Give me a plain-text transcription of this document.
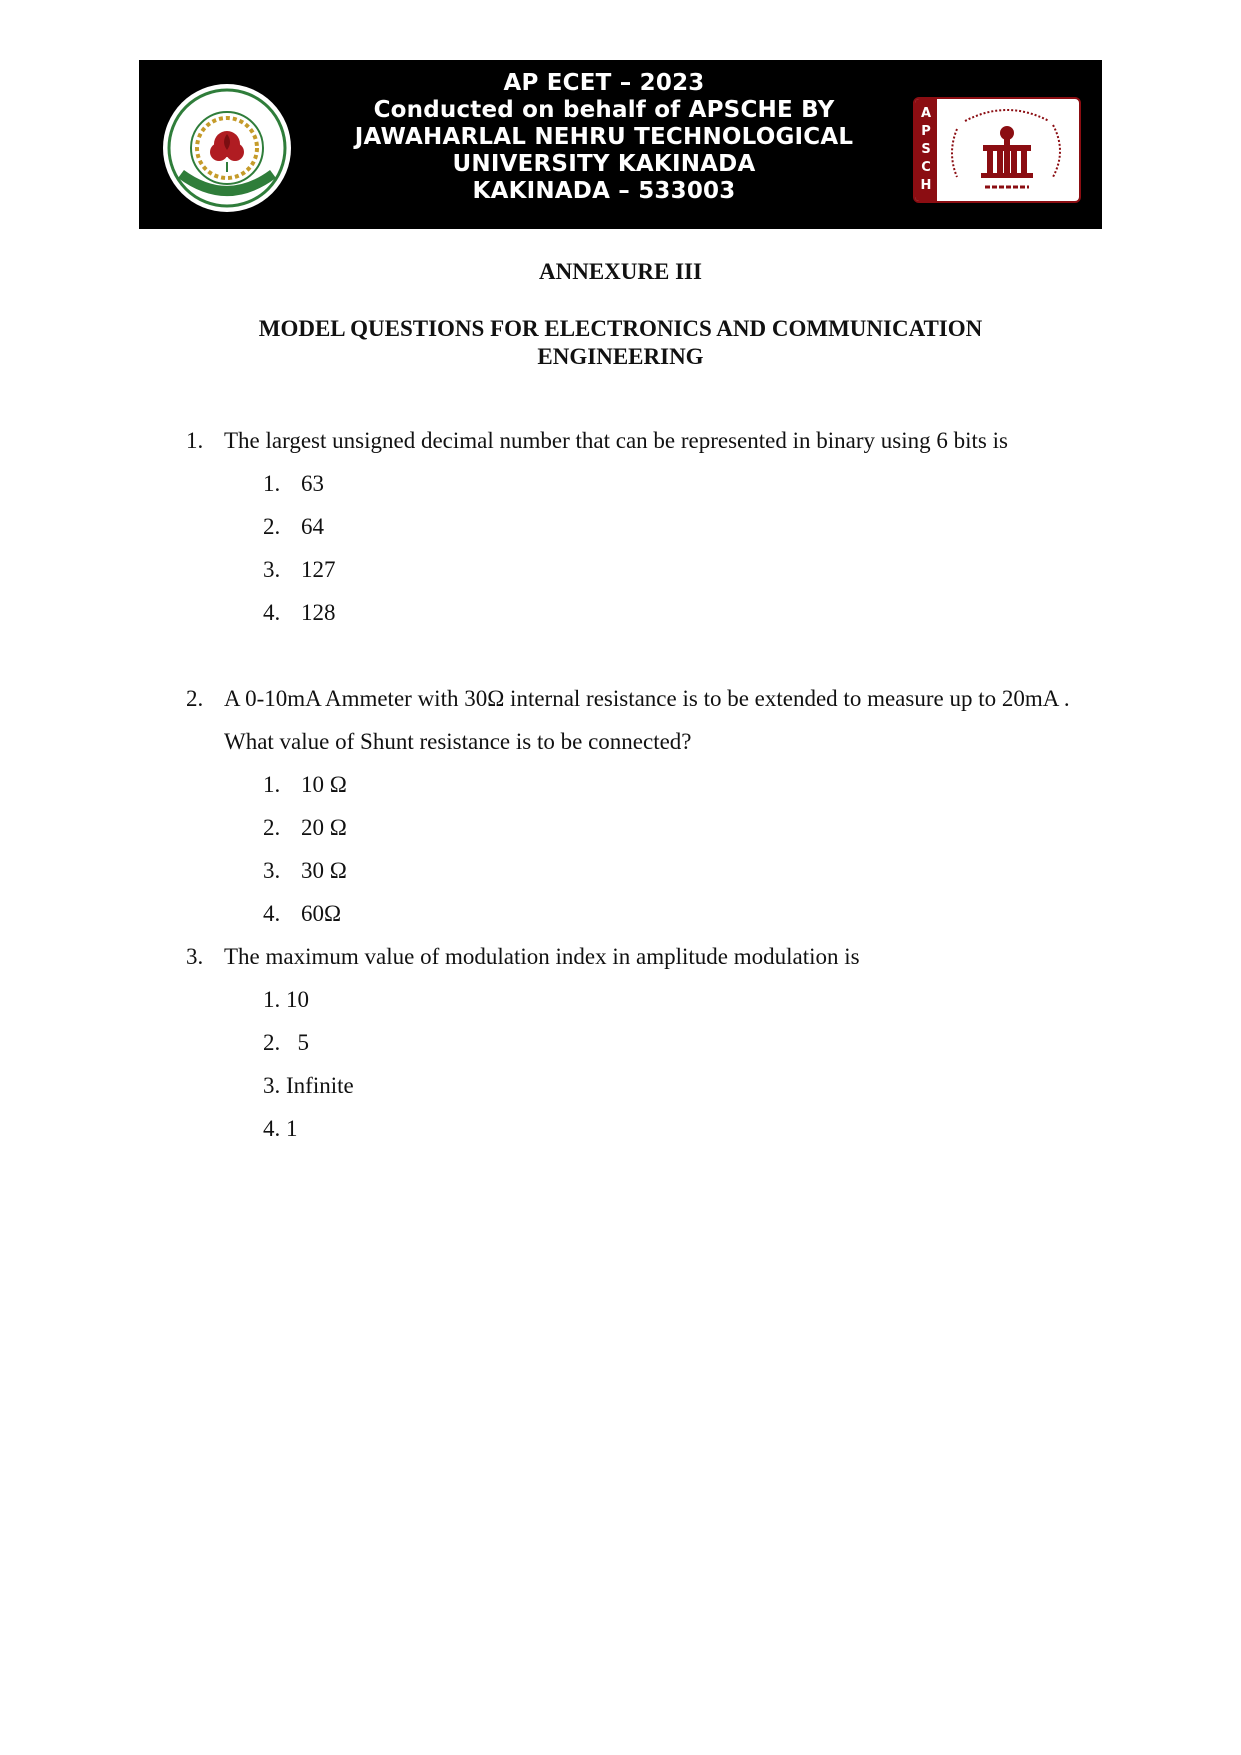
AP ECET – 2023
Conducted on behalf of APSCHE BY
JAWAHARLAL NEHRU TECHNOLOGICAL
UNIVERSITY KAKINADA
KAKINADA – 533003
A
P
S
C
H
ANNEXURE III
MODEL QUESTIONS FOR ELECTRONICS AND COMMUNICATION
ENGINEERING
1. The largest unsigned decimal number that can be represented in binary using 6 bits is
1. 63
2. 64
3. 127
4. 128
2. A 0-10mA Ammeter with 30Ω internal resistance is to be extended to measure up to 20mA . What value of Shunt resistance is to be connected?
1. 10 Ω
2. 20 Ω
3. 30 Ω
4. 60Ω
3. The maximum value of modulation index in amplitude modulation is
1. 10
2.   5
3. Infinite
4. 1
